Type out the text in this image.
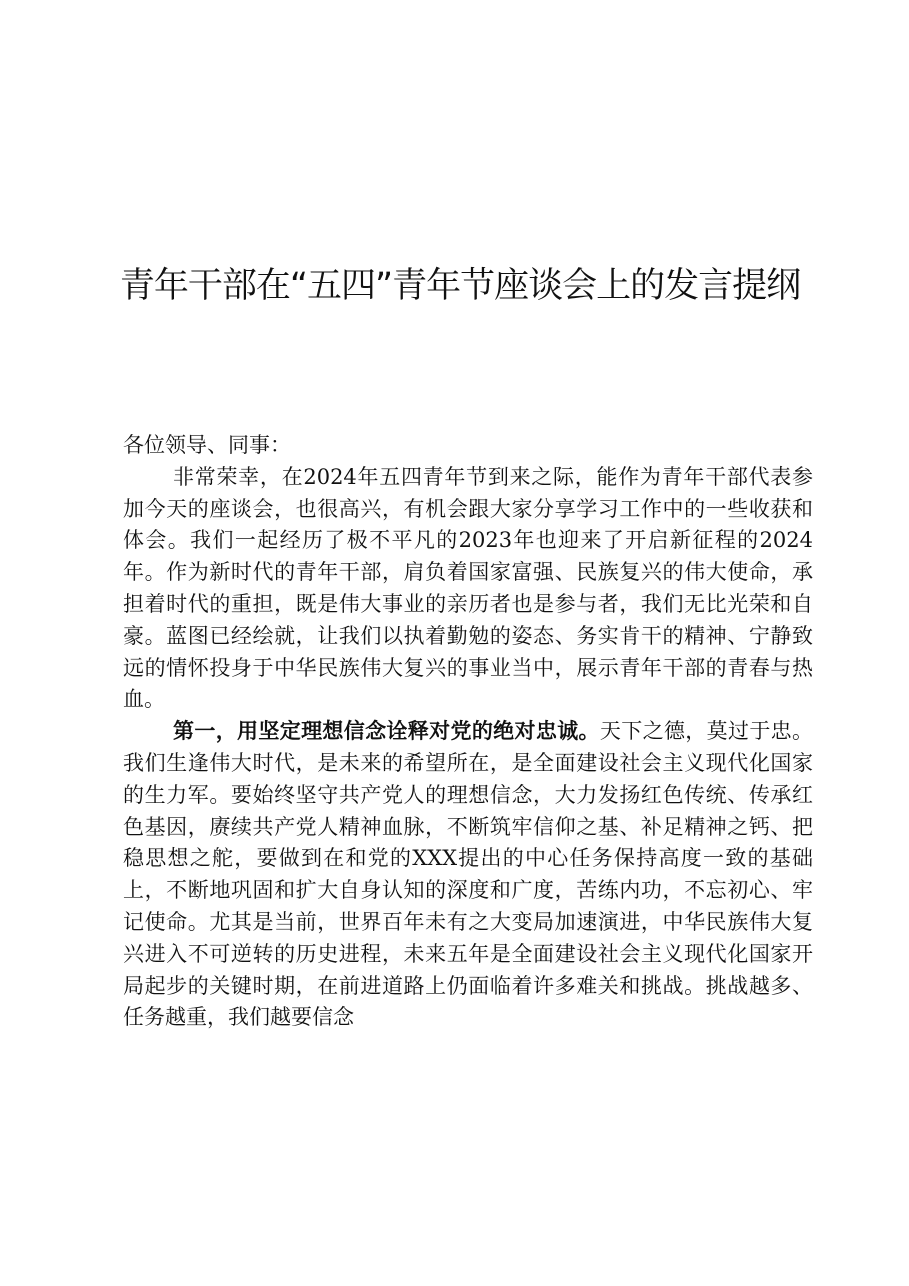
青年干部在“五四”青年节座谈会上的发言提纲

各位领导、同事：

非常荣幸，在2024年五四青年节到来之际，能作为青年干部代表参加今天的座谈会，也很高兴，有机会跟大家分享学习工作中的一些收获和体会。我们一起经历了极不平凡的2023年也迎来了开启新征程的2024年。作为新时代的青年干部，肩负着国家富强、民族复兴的伟大使命，承担着时代的重担，既是伟大事业的亲历者也是参与者，我们无比光荣和自豪。蓝图已经绘就，让我们以执着勤勉的姿态、务实肯干的精神、宁静致远的情怀投身于中华民族伟大复兴的事业当中，展示青年干部的青春与热血。

第一，用坚定理想信念诠释对党的绝对忠诚。天下之德，莫过于忠。我们生逢伟大时代，是未来的希望所在，是全面建设社会主义现代化国家的生力军。要始终坚守共产党人的理想信念，大力发扬红色传统、传承红色基因，赓续共产党人精神血脉，不断筑牢信仰之基、补足精神之钙、把稳思想之舵，要做到在和党的XXX提出的中心任务保持高度一致的基础上，不断地巩固和扩大自身认知的深度和广度，苦练内功，不忘初心、牢记使命。尤其是当前，世界百年未有之大变局加速演进，中华民族伟大复兴进入不可逆转的历史进程，未来五年是全面建设社会主义现代化国家开局起步的关键时期，在前进道路上仍面临着许多难关和挑战。挑战越多、任务越重，我们越要信念
